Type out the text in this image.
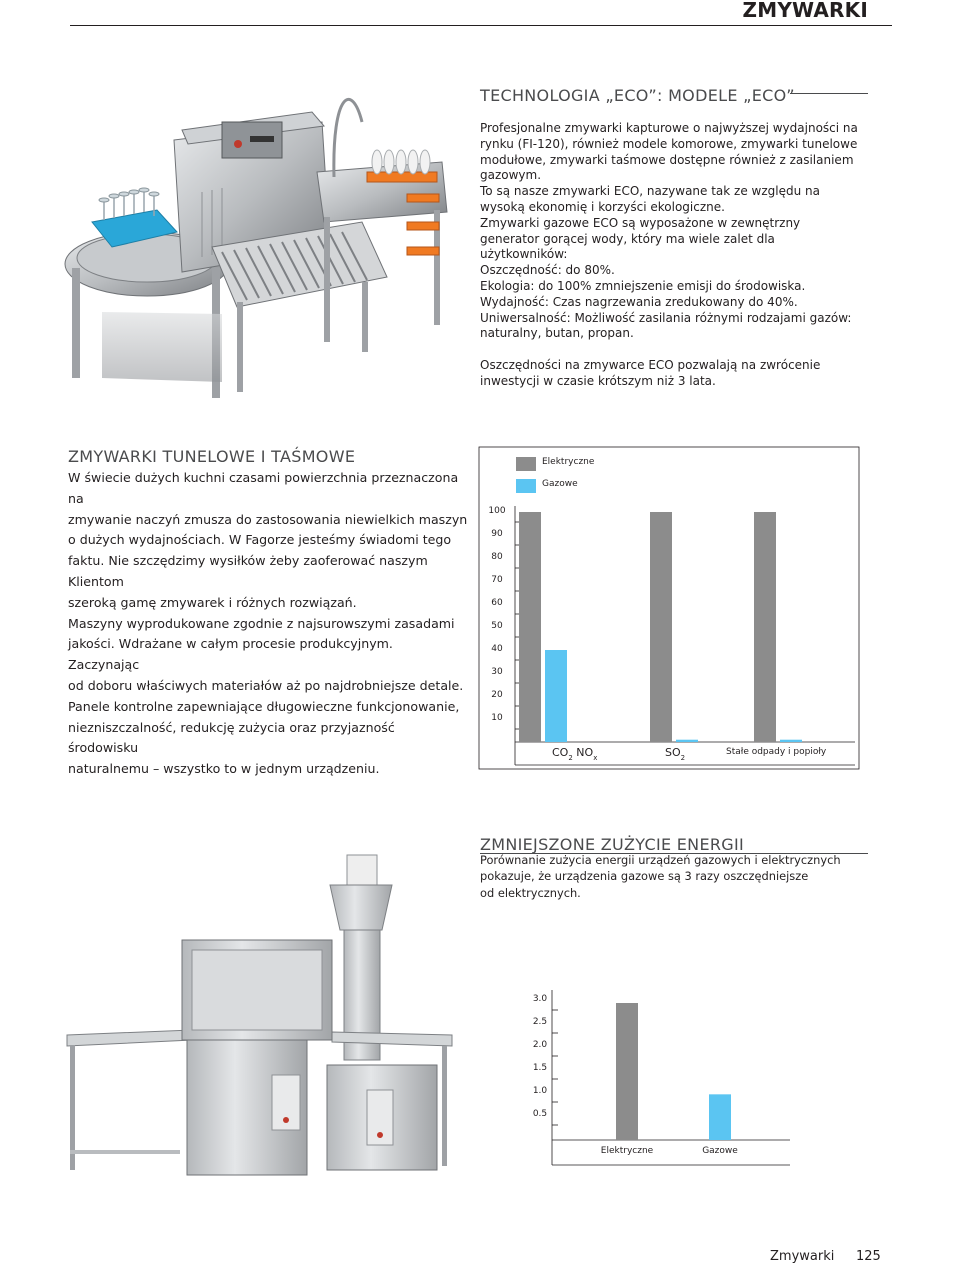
ZMYWARKI
TECHNOLOGIA „ECO”: MODELE „ECO”

Profesjonalne zmywarki kapturowe o najwyższej wydajności na rynku (FI-120), również modele komorowe, zmywarki tunelowe modułowe, zmywarki taśmowe dostępne również z zasilaniem gazowym.

To są nasze zmywarki ECO, nazywane tak ze względu na wysoką ekonomię i korzyści ekologiczne.

Zmywarki gazowe ECO są wyposażone w zewnętrzny generator gorącej wody, który ma wiele zalet dla użytkowników:

Oszczędność: do 80%.

Ekologia: do 100% zmniejszenie emisji do środowiska.

Wydajność: Czas nagrzewania zredukowany do 40%.

Uniwersalność: Możliwość zasilania różnymi rodzajami gazów: naturalny, butan, propan.

Oszczędności na zmywarce ECO pozwalają na zwrócenie inwestycji w czasie krótszym niż 3 lata.

ZMYWARKI TUNELOWE I TAŚMOWE
W świecie dużych kuchni czasami powierzchnia przeznaczona na
zmywanie naczyń zmusza do zastosowania niewielkich maszyn
o dużych wydajnościach. W Fagorze jesteśmy świadomi tego
faktu. Nie szczędzimy wysiłków żeby zaoferować naszym Klientom
szeroką gamę zmywarek i różnych rozwiązań.
Maszyny wyprodukowane zgodnie z najsurowszymi zasadami
jakości. Wdrażane w całym procesie produkcyjnym. Zaczynając
od doboru właściwych materiałów aż po najdrobniejsze detale.
Panele kontrolne zapewniające długowieczne funkcjonowanie,
niezniszczalność, redukcję zużycia oraz przyjazność środowisku
naturalnemu – wszystko to w jednym urządzeniu.
Elektryczne
Gazowe
100
90
80
70
60
50
40
30
20
10
$CO_2$ $NO_x$	$SO_2$
Stałe odpady i popioły
ZMNIEJSZONE ZUŻYCIE ENERGII
Porównanie zużycia energii urządzeń gazowych i elektrycznych
pokazuje, że urządzenia gazowe są 3 razy oszczędniejsze
od elektrycznych.
3.0
2.5
2.0
1.5
1.0
0.5
Elektryczne	Gazowe
Zmywarki 125
